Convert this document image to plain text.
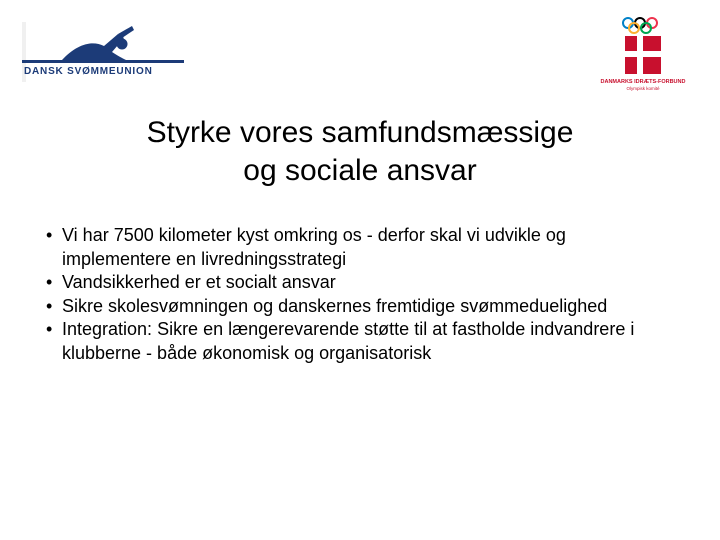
DANSK SVØMMEUNION
DANMARKS IDRÆTS-FORBUND
Olympisk komité
Styrke vores samfundsmæssige
og sociale ansvar
• Vi har 7500 kilometer kyst omkring os - derfor skal vi udvikle og implementere en livredningsstrategi
• Vandsikkerhed er et socialt ansvar
• Sikre skolesvømningen og danskernes fremtidige svømmeduelighed
• Integration: Sikre en længerevarende støtte til at fastholde indvandrere i klubberne - både økonomisk og organisatorisk
